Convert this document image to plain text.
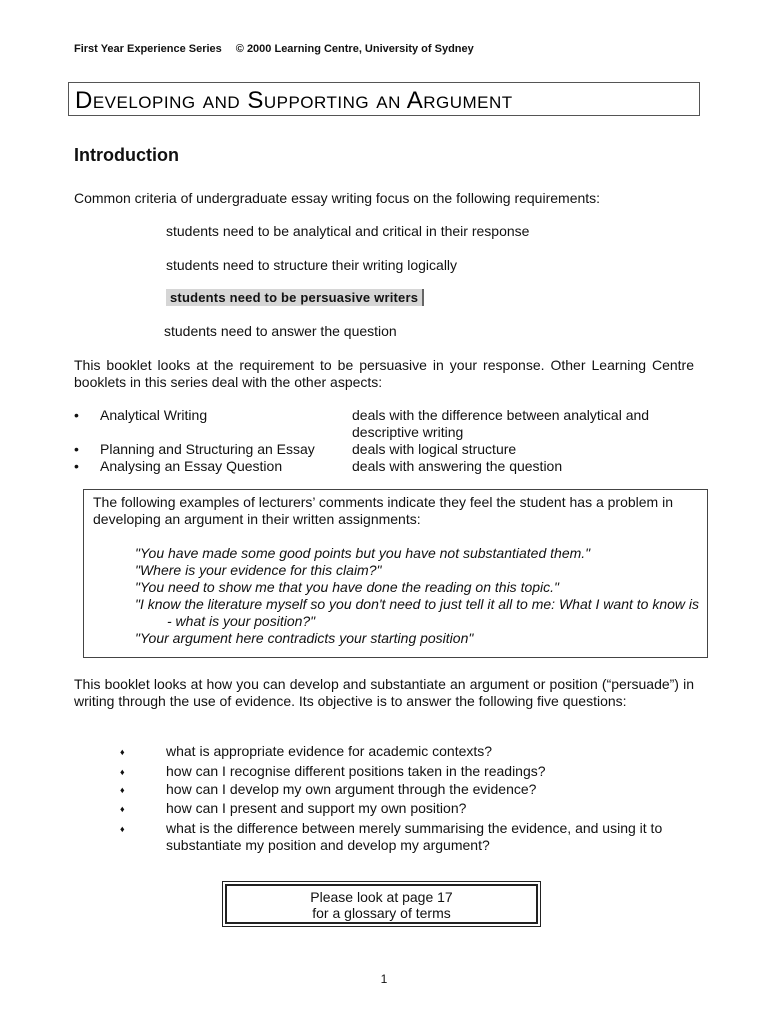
First Year Experience Series © 2000 Learning Centre, University of Sydney
Developing and Supporting an Argument
Introduction
Common criteria of undergraduate essay writing focus on the following requirements:
students need to be analytical and critical in their response
students need to structure their writing logically
students need to be persuasive writers
students need to answer the question
This booklet looks at the requirement to be persuasive in your response. Other Learning Centre booklets in this series deal with the other aspects:
• Analytical Writing	deals with the difference between analytical and descriptive writing
• Planning and Structuring an Essay	deals with logical structure
• Analysing an Essay Question	deals with answering the question
The following examples of lecturers’ comments indicate they feel the student has a problem in developing an argument in their written assignments:
"You have made some good points but you have not substantiated them."
"Where is your evidence for this claim?"
"You need to show me that you have done the reading on this topic."
"I know the literature myself so you don't need to just tell it all to me: What I want to know is - what is your position?"
"Your argument here contradicts your starting position"
This booklet looks at how you can develop and substantiate an argument or position (“persuade”) in writing through the use of evidence. Its objective is to answer the following five questions:
♦	what is appropriate evidence for academic contexts?
♦	how can I recognise different positions taken in the readings?
♦	how can I develop my own argument through the evidence?
♦	how can I present and support my own position?
♦	what is the difference between merely summarising the evidence, and using it to substantiate my position and develop my argument?
Please look at page 17
for a glossary of terms
1
